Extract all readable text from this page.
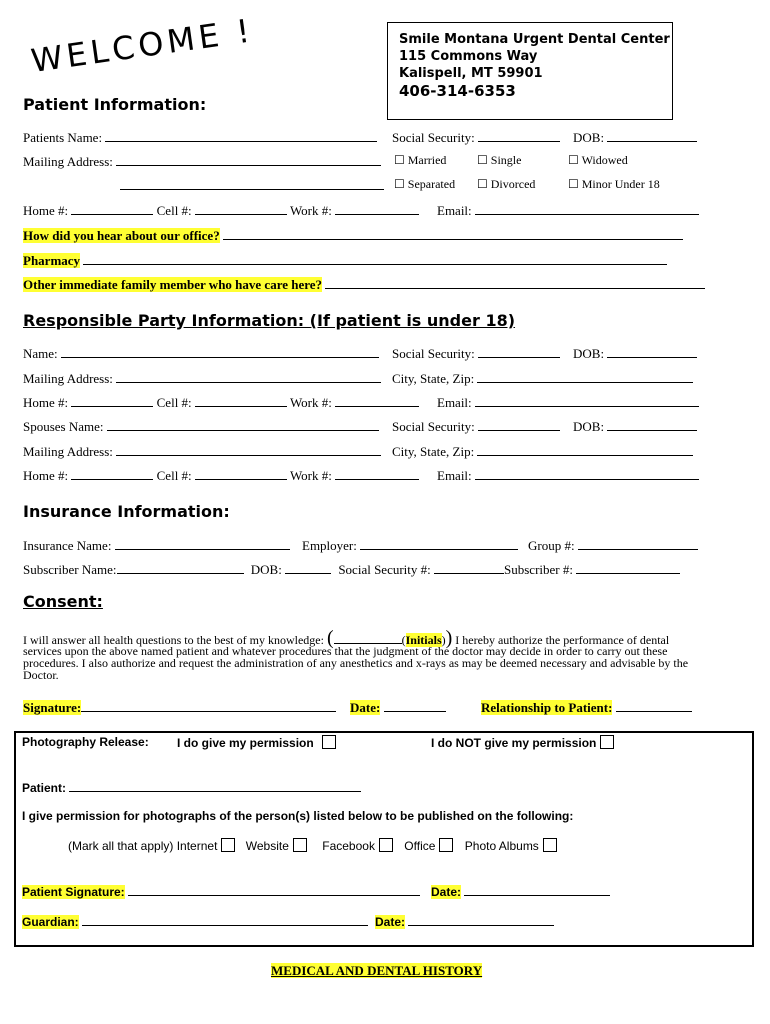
WELCOME !
Patient Information:
Smile Montana Urgent Dental Center
115 Commons Way
Kalispell, MT 59901
406-314-6353
Patients Name:	Social Security:	DOB:
Mailing Address:	☐ Married	☐ Single	☐ Widowed
☐ Separated ☐ Divorced	☐ Minor Under 18
Home #:	Cell #:	Work #:	Email:
How did you hear about our office?
Pharmacy
Other immediate family member who have care here?
Responsible Party Information: (If patient is under 18)
Name:	Social Security:	DOB:
Mailing Address:	City, State, Zip:
Home #:	Cell #:	Work #:	Email:
Spouses Name:	Social Security:	DOB:
Mailing Address:	City, State, Zip:
Home #:	Cell #:	Work #:	Email:
Insurance Information:
Insurance Name:	Employer:	Group #:
Subscriber Name:	DOB:	Social Security #:	Subscriber #:
Consent:
I will answer all health questions to the best of my knowledge: (	(Initials)) I hereby authorize the performance of dental
services upon the above named patient and whatever procedures that the judgment of the doctor may decide in order to carry out these procedures. I also authorize and request the administration of any anesthetics and x-rays as may be deemed necessary and advisable by the Doctor.
Signature:	Date:	Relationship to Patient:
Photography Release: I do give my permission	I do NOT give my permission
Patient:
I give permission for photographs of the person(s) listed below to be published on the following:
(Mark all that apply) Internet Website	Facebook Office Photo Albums
Patient Signature:	Date:
Guardian:	Date:
MEDICAL AND DENTAL HISTORY
